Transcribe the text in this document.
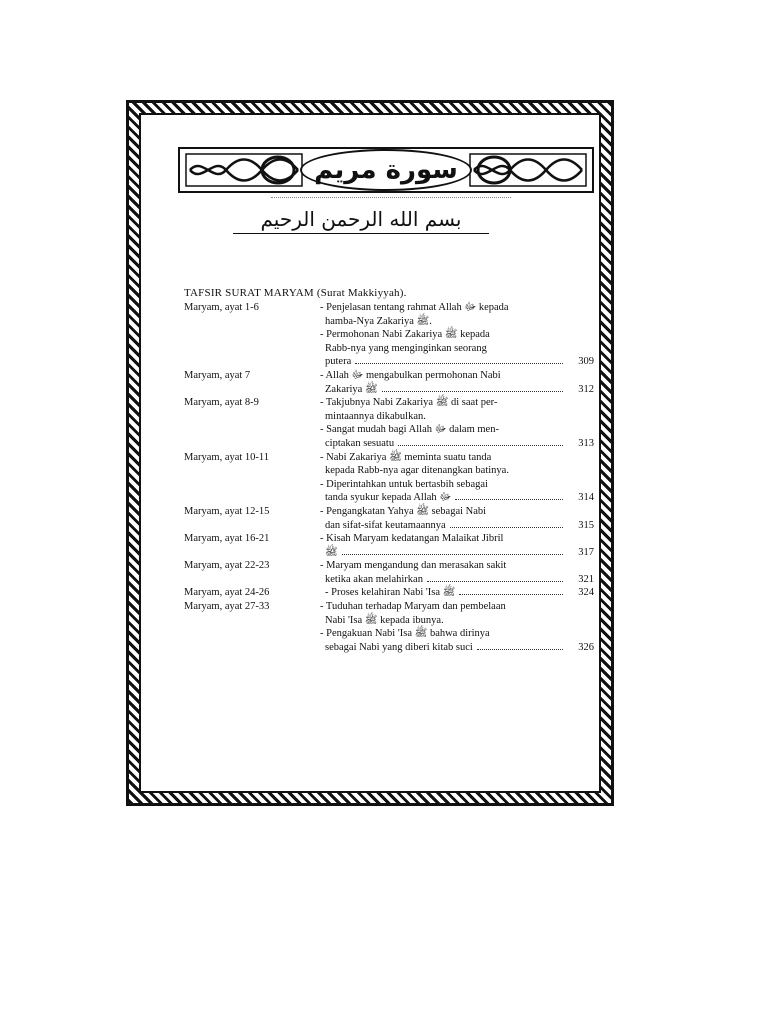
سورة مريم
بسم الله الرحمن الرحيم
TAFSIR SURAT MARYAM (Surat Makkiyyah).
Maryam, ayat 1-6	- Penjelasan tentang rahmat Allah ﷻ kepada
hamba-Nya Zakariya ﷺ.
- Permohonan Nabi Zakariya ﷺ kepada
Rabb-nya yang menginginkan seorang
putera	309
Maryam, ayat 7	- Allah ﷻ mengabulkan permohonan Nabi
Zakariya ﷺ	312
Maryam, ayat 8-9	- Takjubnya Nabi Zakariya ﷺ di saat per-
mintaannya dikabulkan.
- Sangat mudah bagi Allah ﷻ dalam men-
ciptakan sesuatu	313
Maryam, ayat 10-11	- Nabi Zakariya ﷺ meminta suatu tanda
kepada Rabb-nya agar ditenangkan batinya.
- Diperintahkan untuk bertasbih sebagai
tanda syukur kepada Allah ﷻ	314
Maryam, ayat 12-15	- Pengangkatan Yahya ﷺ sebagai Nabi
dan sifat-sifat keutamaannya	315
Maryam, ayat 16-21	- Kisah Maryam kedatangan Malaikat Jibril
ﷺ	317
Maryam, ayat 22-23	- Maryam mengandung dan merasakan sakit
ketika akan melahirkan	321
Maryam, ayat 24-26	- Proses kelahiran Nabi 'Isa ﷺ	324
Maryam, ayat 27-33	- Tuduhan terhadap Maryam dan pembelaan
Nabi 'Isa ﷺ kepada ibunya.
- Pengakuan Nabi 'Isa ﷺ bahwa dirinya
sebagai Nabi yang diberi kitab suci	326
